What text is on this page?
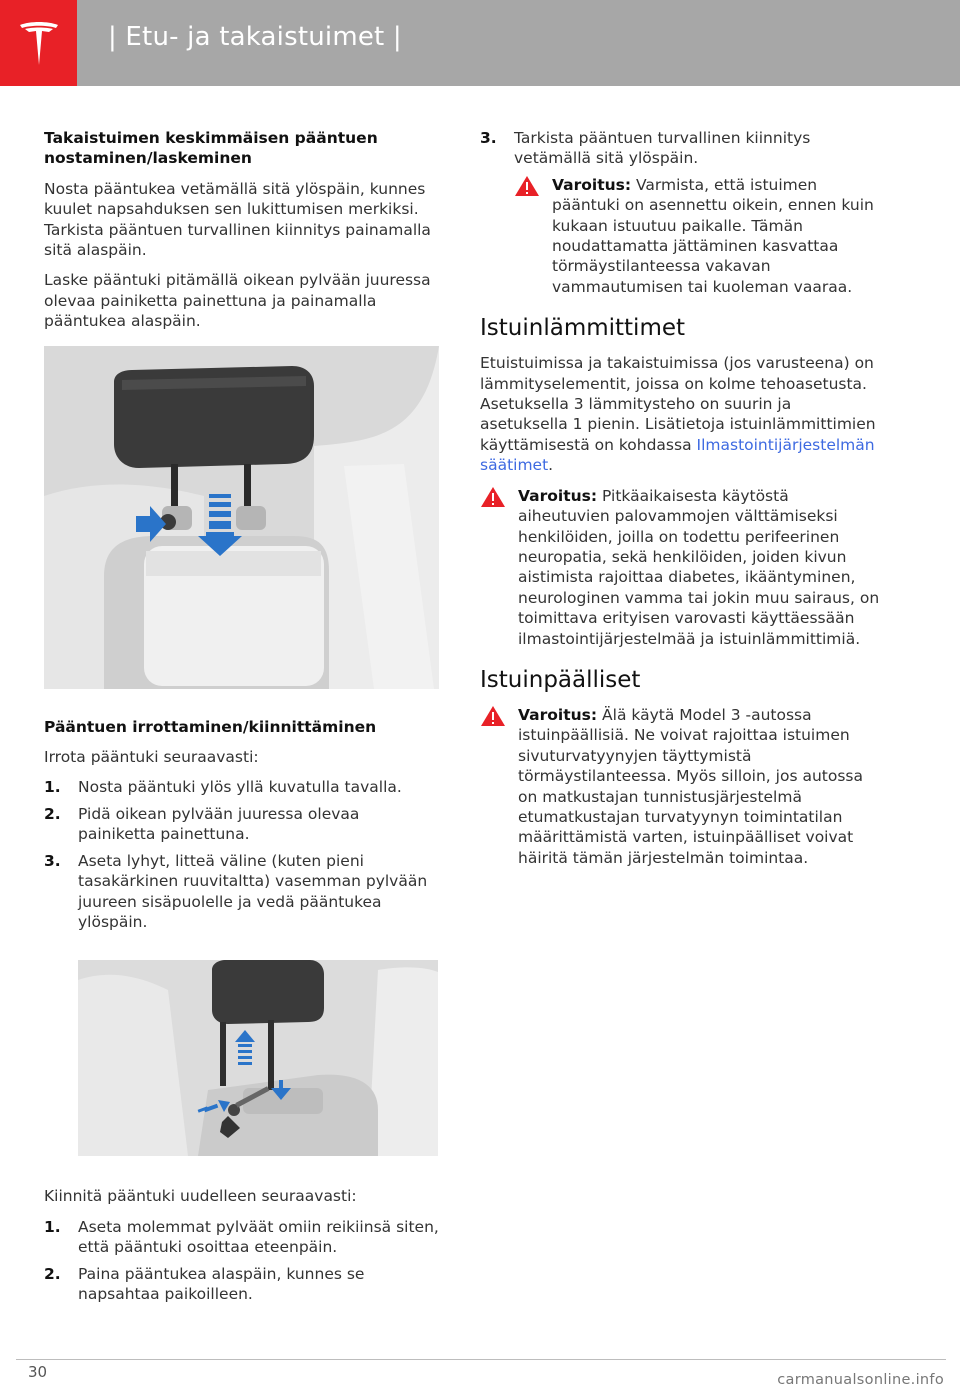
| Etu- ja takaistuimet |
Takaistuimen keskimmäisen pääntuen nostaminen/laskeminen

Nosta pääntukea vetämällä sitä ylöspäin, kunnes kuulet napsahduksen sen lukittumisen merkiksi. Tarkista pääntuen turvallinen kiinnitys painamalla sitä alaspäin.

Laske pääntuki pitämällä oikean pylvään juuressa olevaa painiketta painettuna ja painamalla pääntukea alaspäin.

Pääntuen irrottaminen/kiinnittäminen

Irrota pääntuki seuraavasti:

1. Nosta pääntuki ylös yllä kuvatulla tavalla.
2. Pidä oikean pylvään juuressa olevaa painiketta painettuna.
3. Aseta lyhyt, litteä väline (kuten pieni tasakärkinen ruuvitaltta) vasemman pylvään juureen sisäpuolelle ja vedä pääntukea ylöspäin.

Kiinnitä pääntuki uudelleen seuraavasti:

1. Aseta molemmat pylväät omiin reikiinsä siten, että pääntuki osoittaa eteenpäin.
2. Paina pääntukea alaspäin, kunnes se napsahtaa paikoilleen.
3. Tarkista pääntuen turvallinen kiinnitys vetämällä sitä ylöspäin.
Varoitus: Varmista, että istuimen pääntuki on asennettu oikein, ennen kuin kukaan istuutuu paikalle. Tämän noudattamatta jättäminen kasvattaa törmäystilanteessa vakavan vammautumisen tai kuoleman vaaraa.
Istuinlämmittimet

Etuistuimissa ja takaistuimissa (jos varusteena) on lämmityselementit, joissa on kolme tehoasetusta. Asetuksella 3 lämmitysteho on suurin ja asetuksella 1 pienin. Lisätietoja istuinlämmittimien käyttämisestä on kohdassa Ilmastointijärjestelmän säätimet.

Varoitus: Pitkäaikaisesta käytöstä aiheutuvien palovammojen välttämiseksi henkilöiden, joilla on todettu perifeerinen neuropatia, sekä henkilöiden, joiden kivun aistimista rajoittaa diabetes, ikääntyminen, neurologinen vamma tai jokin muu sairaus, on toimittava erityisen varovasti käyttäessään ilmastointijärjestelmää ja istuinlämmittimiä.
Istuinpäälliset
Varoitus: Älä käytä Model 3 -autossa istuinpäällisiä. Ne voivat rajoittaa istuimen sivuturvatyynyjen täyttymistä törmäystilanteessa. Myös silloin, jos autossa on matkustajan tunnistusjärjestelmä etumatkustajan turvatyynyn toimintatilan määrittämistä varten, istuinpäälliset voivat häiritä tämän järjestelmän toimintaa.
30	carmanualsonline.info
